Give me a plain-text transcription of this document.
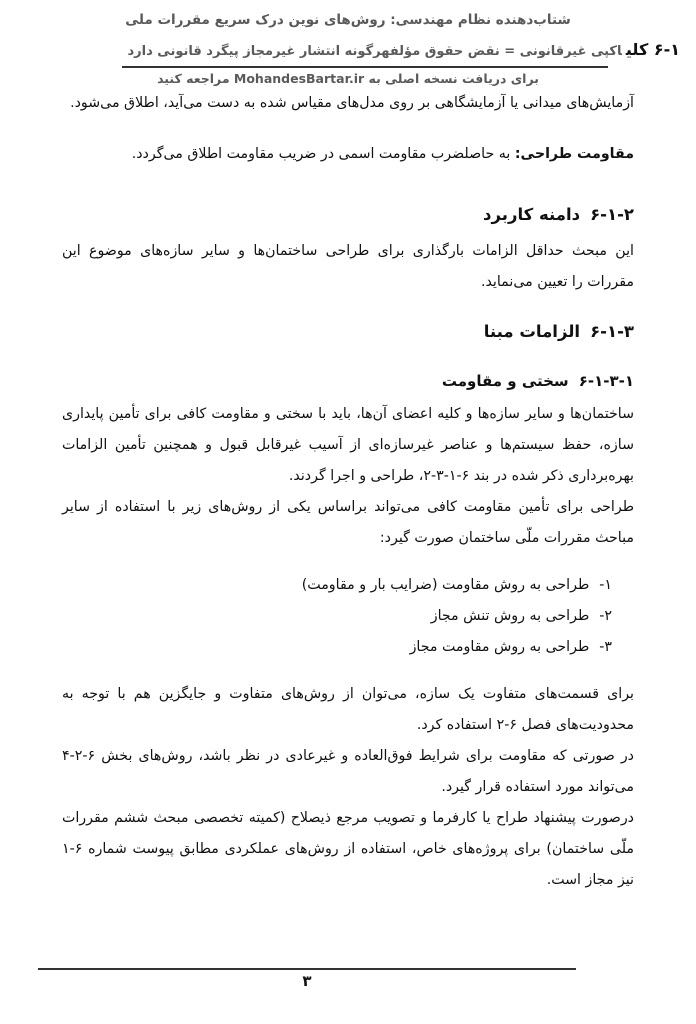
شتاب‌دهنده نظام مهندسی: روش‌های نوین درک سریع مقررات ملی
۶-۱ کلیاکپی غیرقانونی = نقض حقوق مؤلفهرگونه انتشار غیرمجاز پیگرد قانونی دارد
برای دریافت نسخه اصلی به MohandesBartar.ir مراجعه کنید

آزمایش‌های میدانی یا آزمایشگاهی بر روی مدل‌های مقیاس شده به دست می‌آید، اطلاق می‌شود.

مقاومت طراحی: به حاصلضرب مقاومت اسمی در ضریب مقاومت اطلاق می‌گردد.

۶-۱-۲دامنه کاربرد

این مبحث حداقل الزامات بارگذاری برای طراحی ساختمان‌ها و سایر سازه‌های موضوع این مقررات را تعیین می‌نماید.

۶-۱-۳الزامات مبنا

۶-۱-۳-۱سختی و مقاومت

ساختمان‌ها و سایر سازه‌ها و کلیه اعضای آن‌ها، باید با سختی و مقاومت کافی برای تأمین پایداری سازه، حفظ سیستم‌ها و عناصر غیرسازه‌ای از آسیب غیرقابل قبول و همچنین تأمین الزامات بهره‌برداری ذکر شده در بند ۶-۱-۳-۲، طراحی و اجرا گردند.

طراحی برای تأمین مقاومت کافی می‌تواند براساس یکی از روش‌های زیر با استفاده از سایر مباحث مقررات ملّی ساختمان صورت گیرد:

۱-طراحی به روش مقاومت (ضرایب بار و مقاومت)
۲-طراحی به روش تنش مجاز
۳-طراحی به روش مقاومت مجاز

برای قسمت‌های متفاوت یک سازه، می‌توان از روش‌های متفاوت و جایگزین هم با توجه به محدودیت‌های فصل ۶-۲ استفاده کرد.

در صورتی که مقاومت برای شرایط فوق‌العاده و غیرعادی در نظر باشد، روش‌های بخش ۶-۲-۴ می‌تواند مورد استفاده قرار گیرد.

درصورت پیشنهاد طراح یا کارفرما و تصویب مرجع ذیصلاح (کمیته تخصصی مبحث ششم مقررات ملّی ساختمان) برای پروژه‌های خاص، استفاده از روش‌های عملکردی مطابق پیوست شماره ۶-۱ نیز مجاز است.

۳
